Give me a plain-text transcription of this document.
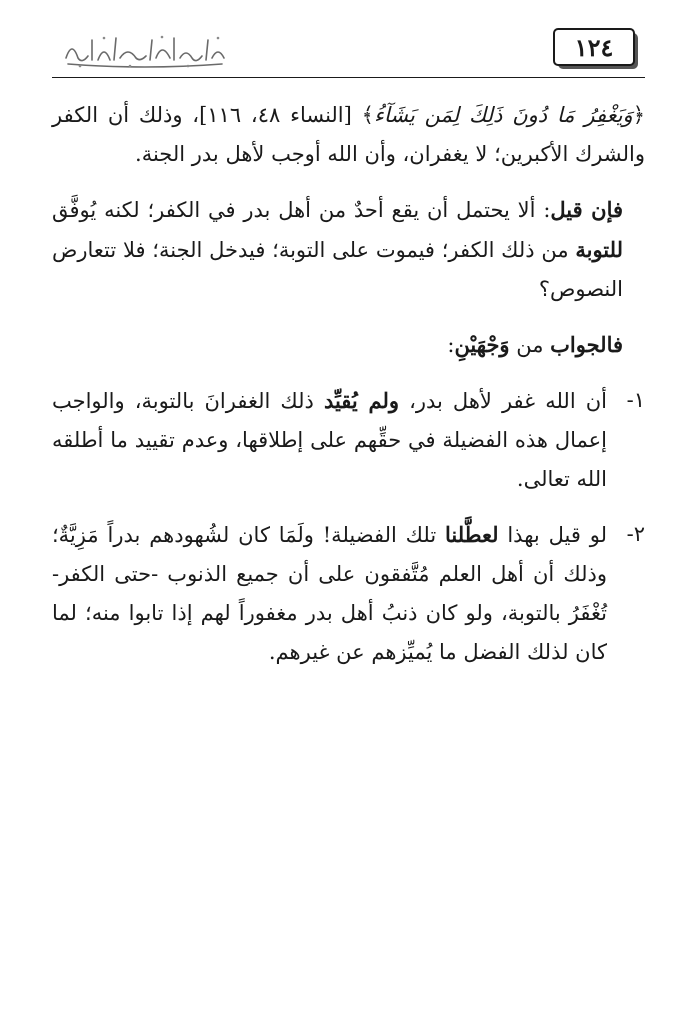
١٢٤

﴿وَيَغْفِرُ مَا دُونَ ذَلِكَ لِمَن يَشَآءُ﴾ [النساء ٤٨، ١١٦]، وذلك أن الكفر والشرك الأكبرين؛ لا يغفران، وأن الله أوجب لأهل بدر الجنة.

فإن قيل: ألا يحتمل أن يقع أحدٌ من أهل بدر في الكفر؛ لكنه يُوفَّق للتوبة من ذلك الكفر؛ فيموت على التوبة؛ فيدخل الجنة؛ فلا تتعارض النصوص؟

فالجواب من وَجْهَيْنِ:

١-
أن الله غفر لأهل بدر، ولم يُقيِّد ذلك الغفرانَ بالتوبة، والواجب إعمال هذه الفضيلة في حقِّهم على إطلاقها، وعدم تقييد ما أطلقه الله تعالى.
٢-
لو قيل بهذا لعطَّلنا تلك الفضيلة! ولَمَا كان لشُهودهم بدراً مَزِيَّةٌ؛ وذلك أن أهل العلم مُتَّفقون على أن جميع الذنوب -حتى الكفر- تُغْفَرُ بالتوبة، ولو كان ذنبُ أهل بدر مغفوراً لهم إذا تابوا منه؛ لما كان لذلك الفضل ما يُميِّزهم عن غيرهم.
